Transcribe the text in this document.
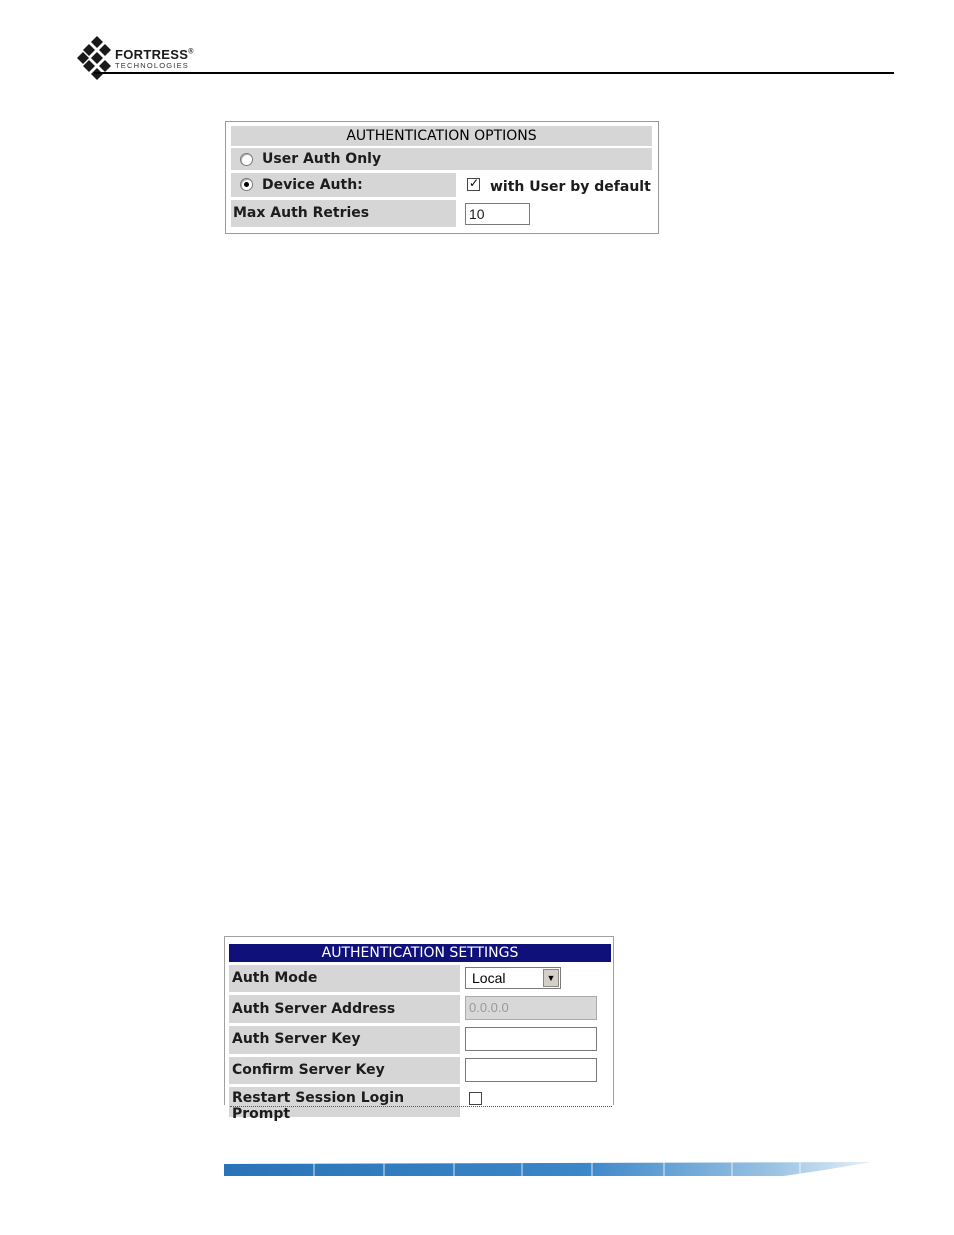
FORTRESS®
TECHNOLOGIES
AUTHENTICATION OPTIONS
User Auth Only
Device Auth:	✓ with User by default
Max Auth Retries	10
AUTHENTICATION SETTINGS
Auth Mode	Local	▼
Auth Server Address	0.0.0.0
Auth Server Key
Confirm Server Key
Restart Session Login Prompt
